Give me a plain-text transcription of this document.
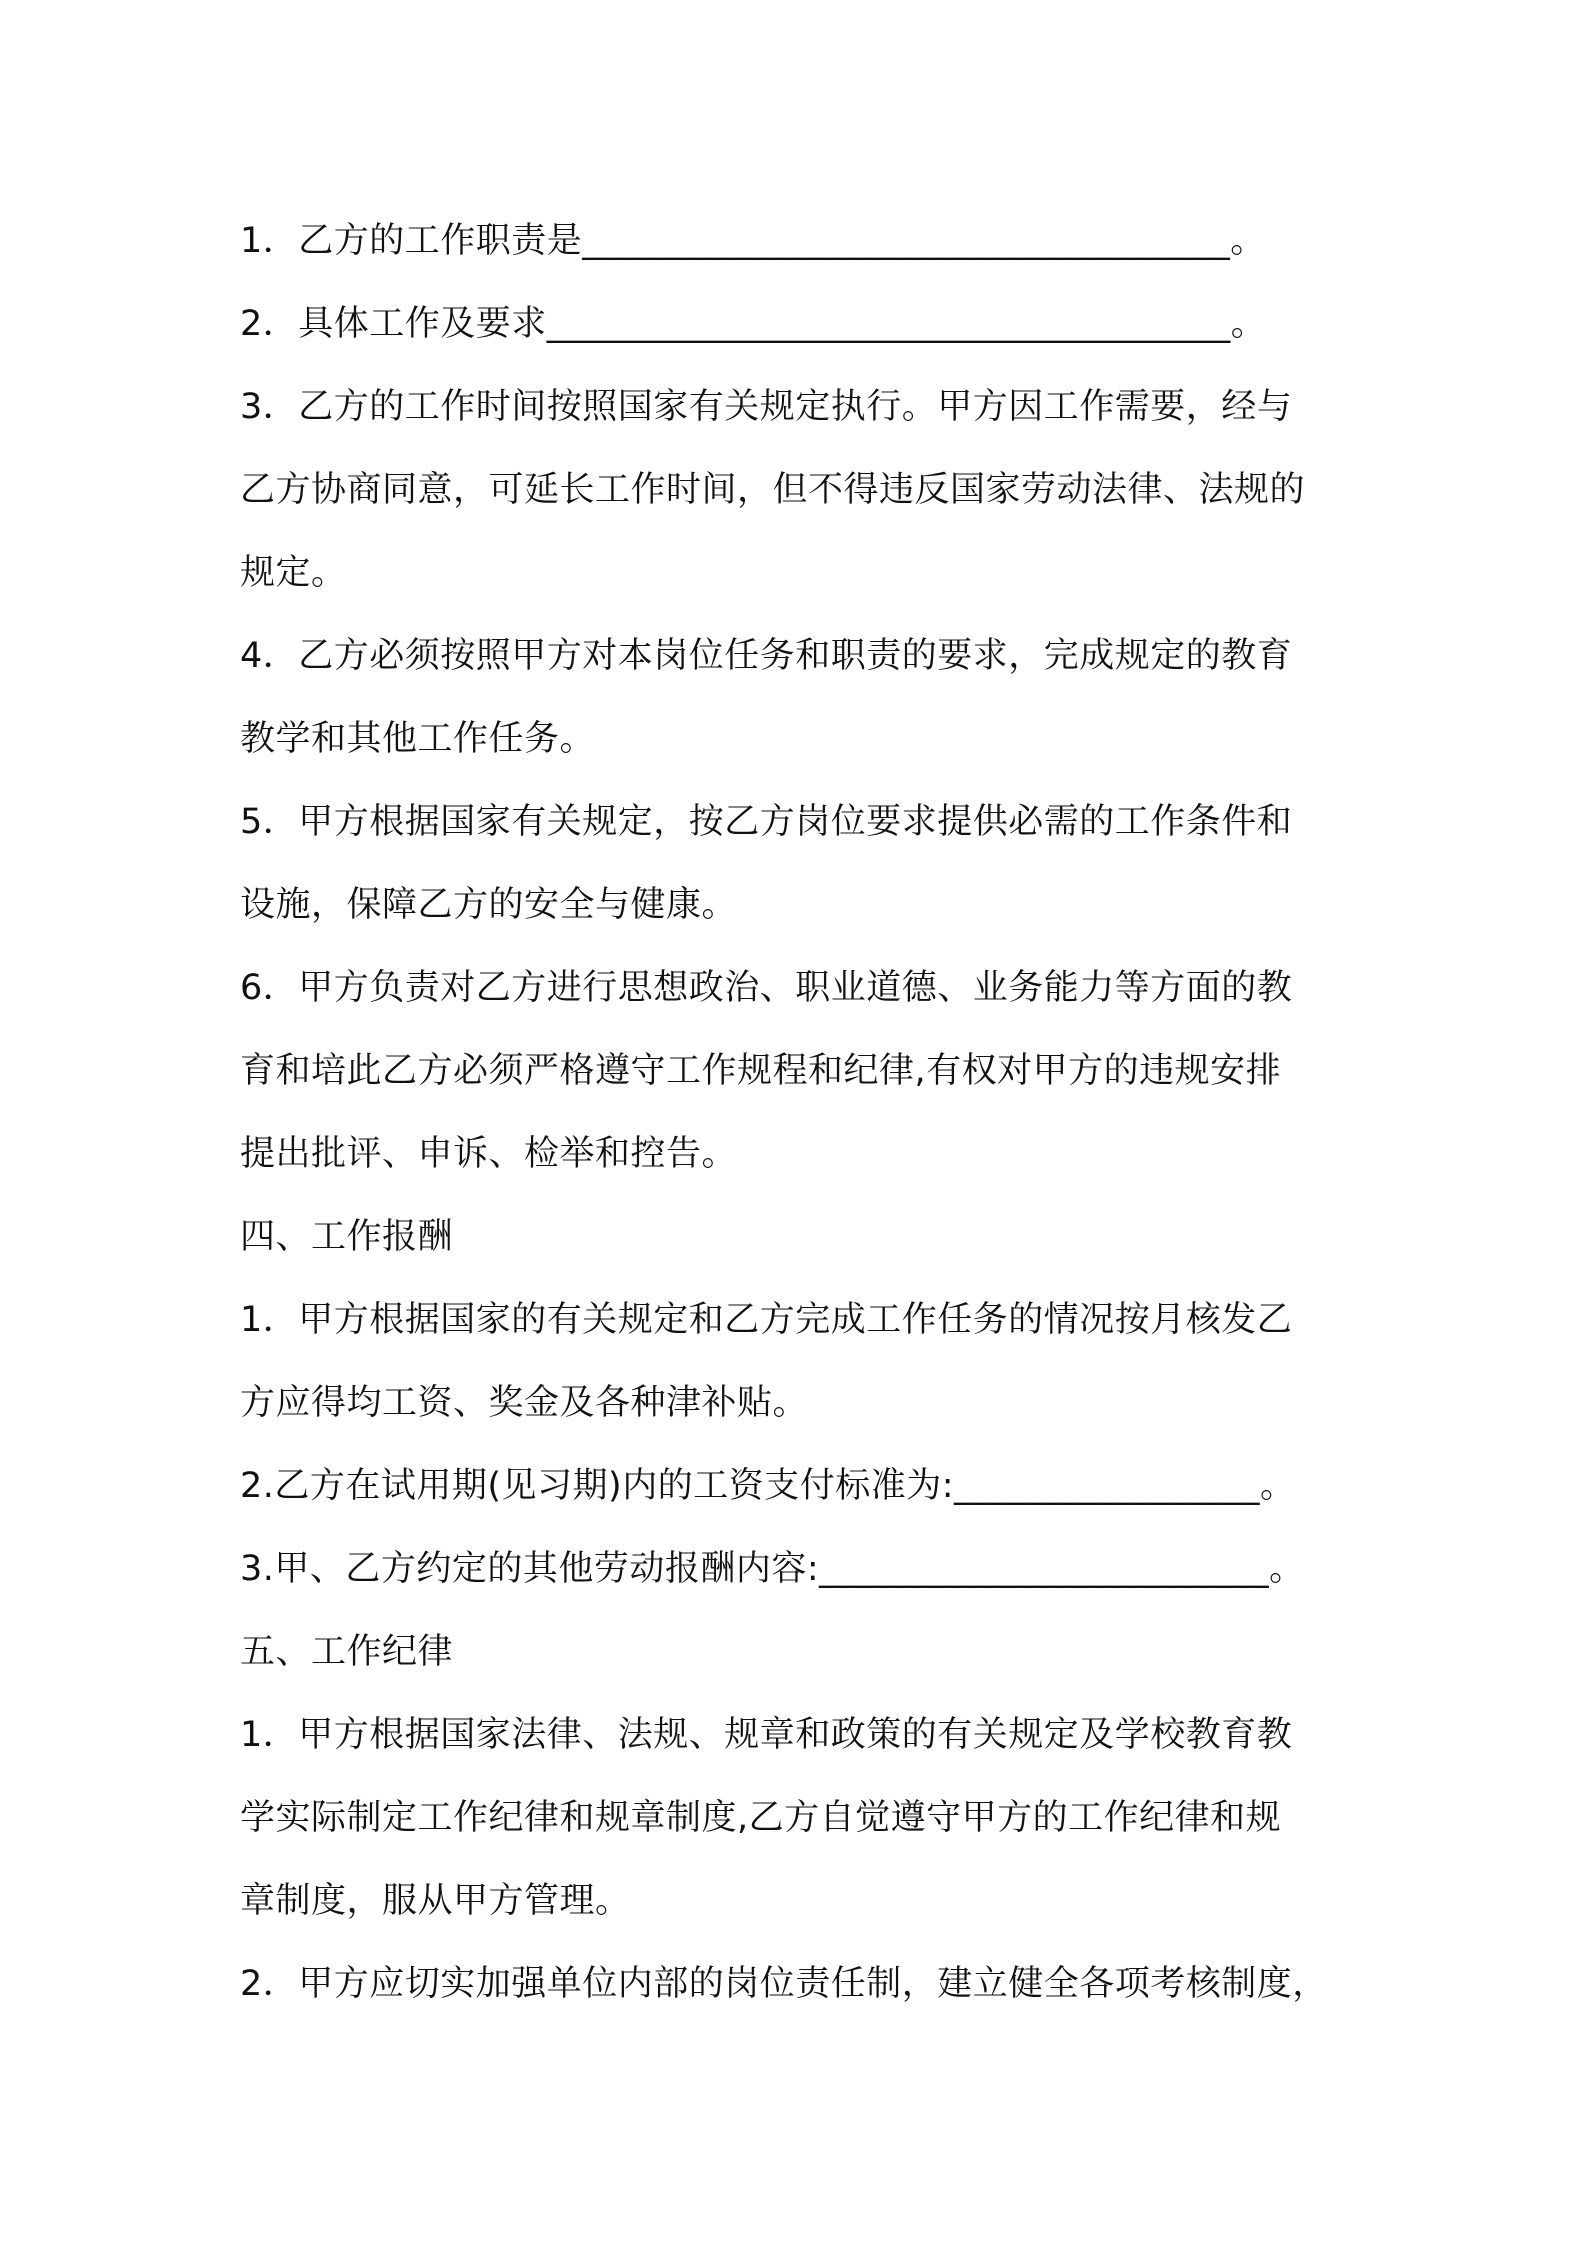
1．乙方的工作职责是____________________________________。
2．具体工作及要求______________________________________。
3．乙方的工作时间按照国家有关规定执行。甲方因工作需要，经与
乙方协商同意，可延长工作时间，但不得违反国家劳动法律、法规的
规定。
4．乙方必须按照甲方对本岗位任务和职责的要求，完成规定的教育
教学和其他工作任务。
5．甲方根据国家有关规定，按乙方岗位要求提供必需的工作条件和
设施，保障乙方的安全与健康。
6．甲方负责对乙方进行思想政治、职业道德、业务能力等方面的教
育和培此乙方必须严格遵守工作规程和纪律,有权对甲方的违规安排
提出批评、申诉、检举和控告。
四、工作报酬
1．甲方根据国家的有关规定和乙方完成工作任务的情况按月核发乙
方应得均工资、奖金及各种津补贴。
2.乙方在试用期(见习期)内的工资支付标准为:_________________。
3.甲、乙方约定的其他劳动报酬内容:_________________________。
五、工作纪律
1．甲方根据国家法律、法规、规章和政策的有关规定及学校教育教
学实际制定工作纪律和规章制度,乙方自觉遵守甲方的工作纪律和规
章制度，服从甲方管理。
2．甲方应切实加强单位内部的岗位责任制，建立健全各项考核制度，
